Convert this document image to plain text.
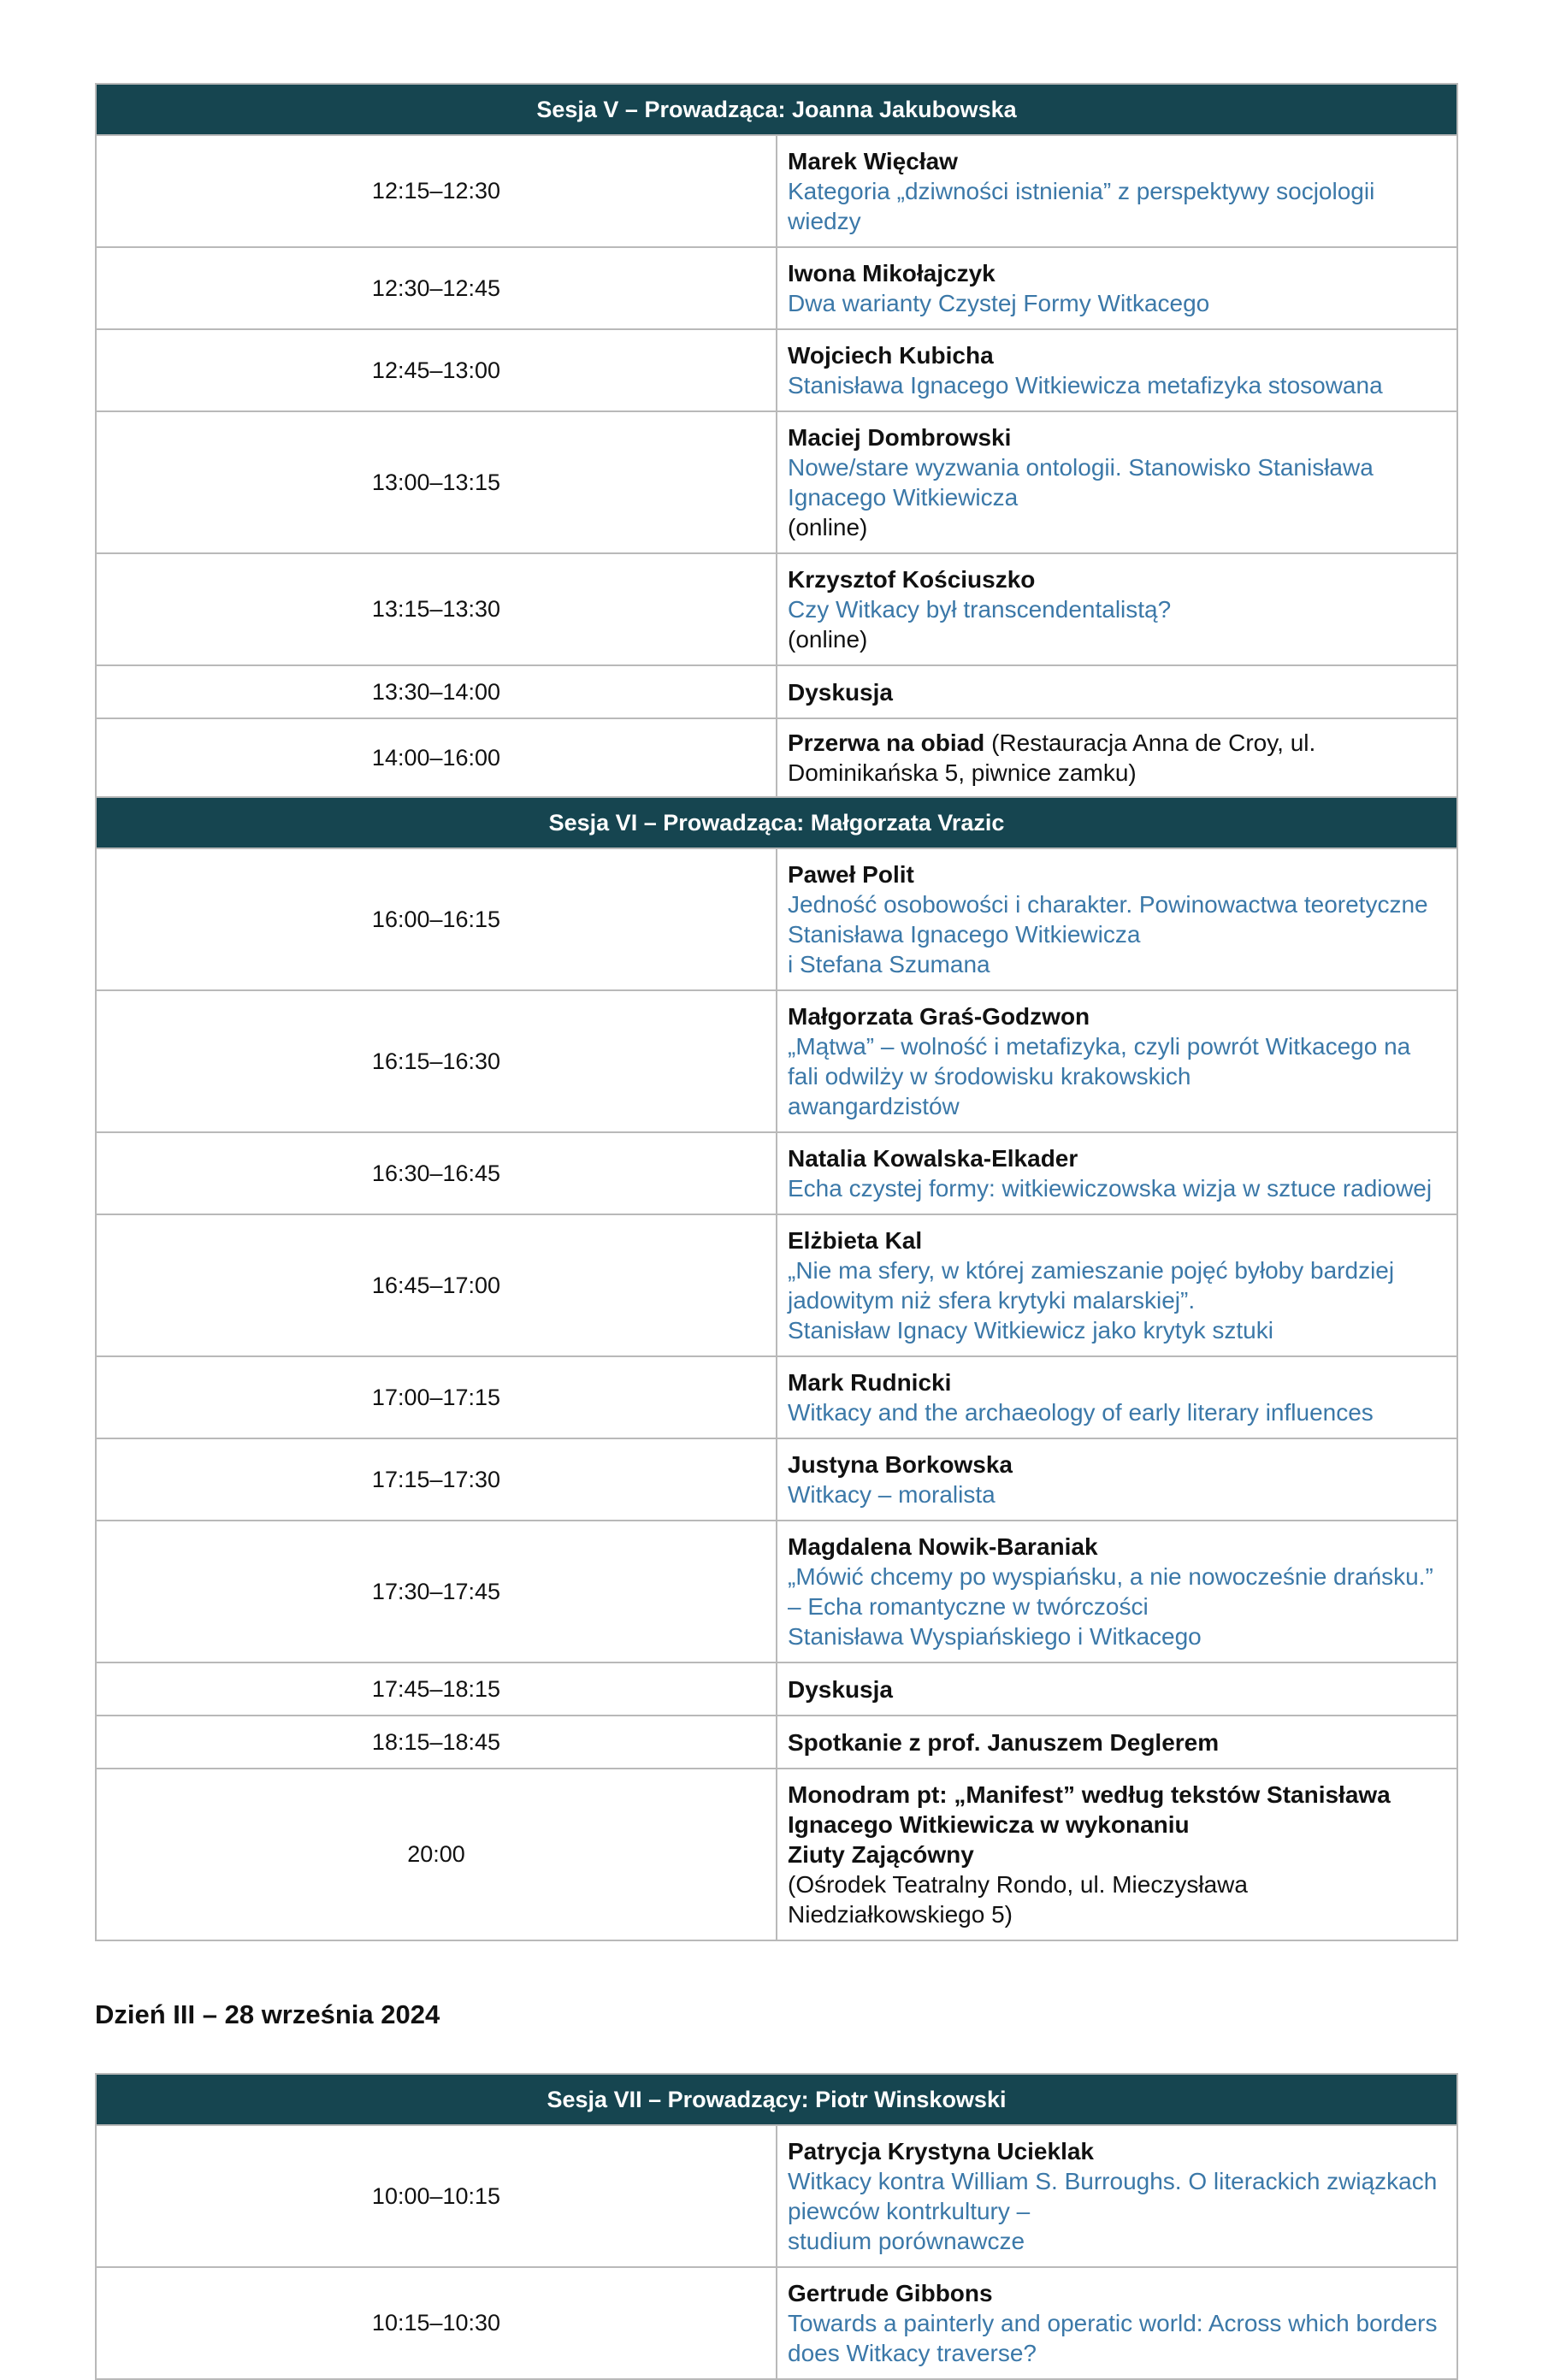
Sesja V – Prowadząca: Joanna Jakubowska	
12:15–12:30	Marek Więcław
Kategoria „dziwności istnienia” z perspektywy socjologii wiedzy

12:30–12:45	Iwona Mikołajczyk
Dwa warianty Czystej Formy Witkacego

12:45–13:00	Wojciech Kubicha
Stanisława Ignacego Witkiewicza metafizyka stosowana

13:00–13:15	Maciej Dombrowski
Nowe/stare wyzwania ontologii. Stanowisko Stanisława Ignacego Witkiewicza
(online)

13:15–13:30	Krzysztof Kościuszko
Czy Witkacy był transcendentalistą?
(online)

13:30–14:00	Dyskusja
14:00–16:00	Przerwa na obiad (Restauracja Anna de Croy, ul. Dominikańska 5, piwnice zamku)
Sesja VI – Prowadząca: Małgorzata Vrazic	
16:00–16:15	Paweł Polit
Jedność osobowości i charakter. Powinowactwa teoretyczne Stanisława Ignacego Witkiewicza
i Stefana Szumana

16:15–16:30	Małgorzata Graś-Godzwon
„Mątwa” – wolność i metafizyka, czyli powrót Witkacego na fali odwilży w środowisku krakowskich
awangardzistów

16:30–16:45	Natalia Kowalska-Elkader
Echa czystej formy: witkiewiczowska wizja w sztuce radiowej

16:45–17:00	Elżbieta Kal
„Nie ma sfery, w której zamieszanie pojęć byłoby bardziej jadowitym niż sfera krytyki malarskiej”.
Stanisław Ignacy Witkiewicz jako krytyk sztuki

17:00–17:15	Mark Rudnicki
Witkacy and the archaeology of early literary influences

17:15–17:30	Justyna Borkowska
Witkacy – moralista

17:30–17:45	Magdalena Nowik-Baraniak
„Mówić chcemy po wyspiańsku, a nie nowocześnie drańsku.” – Echa romantyczne w twórczości
Stanisława Wyspiańskiego i Witkacego

17:45–18:15	Dyskusja
18:15–18:45	Spotkanie z prof. Januszem Deglerem
20:00	Monodram pt: „Manifest” według tekstów Stanisława Ignacego Witkiewicza w wykonaniu
Ziuty Zającówny
(Ośrodek Teatralny Rondo, ul. Mieczysława Niedziałkowskiego 5)
Dzień III – 28 września 2024
Sesja VII – Prowadzący: Piotr Winskowski	
10:00–10:15	Patrycja Krystyna Ucieklak
Witkacy kontra William S. Burroughs. O literackich związkach piewców kontrkultury –
studium porównawcze

10:15–10:30	Gertrude Gibbons
Towards a painterly and operatic world: Across which borders does Witkacy traverse?
